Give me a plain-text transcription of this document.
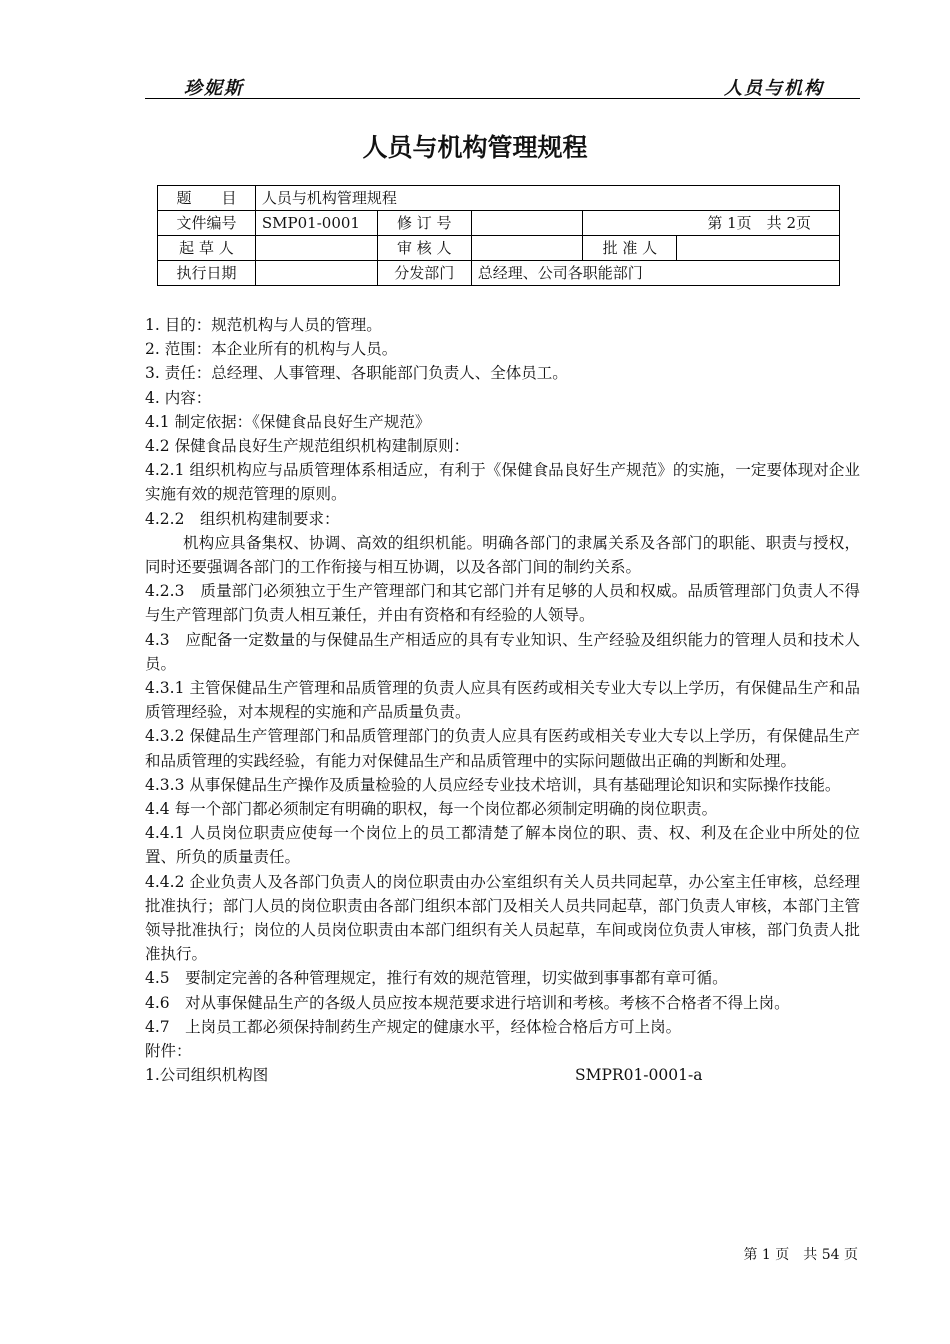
珍妮斯	人员与机构
人员与机构管理规程
题　　目	人员与机构管理规程				
文件编号	SMP01-0001	修 订 号		第 1页　共 2页	
起 草 人		审 核 人		批 准 人	
执行日期		分发部门	总经理、公司各职能部门		

1. 目的：规范机构与人员的管理。

2. 范围：本企业所有的机构与人员。

3. 责任：总经理、人事管理、各职能部门负责人、全体员工。

4. 内容：

4.1 制定依据：《保健食品良好生产规范》

4.2 保健食品良好生产规范组织机构建制原则：

4.2.1 组织机构应与品质管理体系相适应，有利于《保健食品良好生产规范》的实施，一定要体现对企业实施有效的规范管理的原则。

4.2.2　组织机构建制要求：

机构应具备集权、协调、高效的组织机能。明确各部门的隶属关系及各部门的职能、职责与授权，同时还要强调各部门的工作衔接与相互协调，以及各部门间的制约关系。

4.2.3　质量部门必须独立于生产管理部门和其它部门并有足够的人员和权威。品质管理部门负责人不得与生产管理部门负责人相互兼任，并由有资格和有经验的人领导。

4.3　应配备一定数量的与保健品生产相适应的具有专业知识、生产经验及组织能力的管理人员和技术人员。

4.3.1 主管保健品生产管理和品质管理的负责人应具有医药或相关专业大专以上学历，有保健品生产和品质管理经验，对本规程的实施和产品质量负责。

4.3.2 保健品生产管理部门和品质管理部门的负责人应具有医药或相关专业大专以上学历，有保健品生产和品质管理的实践经验，有能力对保健品生产和品质管理中的实际问题做出正确的判断和处理。

4.3.3 从事保健品生产操作及质量检验的人员应经专业技术培训，具有基础理论知识和实际操作技能。

4.4 每一个部门都必须制定有明确的职权，每一个岗位都必须制定明确的岗位职责。

4.4.1 人员岗位职责应使每一个岗位上的员工都清楚了解本岗位的职、责、权、利及在企业中所处的位置、所负的质量责任。

4.4.2 企业负责人及各部门负责人的岗位职责由办公室组织有关人员共同起草，办公室主任审核，总经理批准执行；部门人员的岗位职责由各部门组织本部门及相关人员共同起草，部门负责人审核，本部门主管领导批准执行；岗位的人员岗位职责由本部门组织有关人员起草，车间或岗位负责人审核，部门负责人批准执行。

4.5　要制定完善的各种管理规定，推行有效的规范管理，切实做到事事都有章可循。

4.6　对从事保健品生产的各级人员应按本规范要求进行培训和考核。考核不合格者不得上岗。

4.7　上岗员工都必须保持制药生产规定的健康水平，经体检合格后方可上岗。

附件：

1.公司组织机构图	SMPR01-0001-a
第 1 页　共 54 页
